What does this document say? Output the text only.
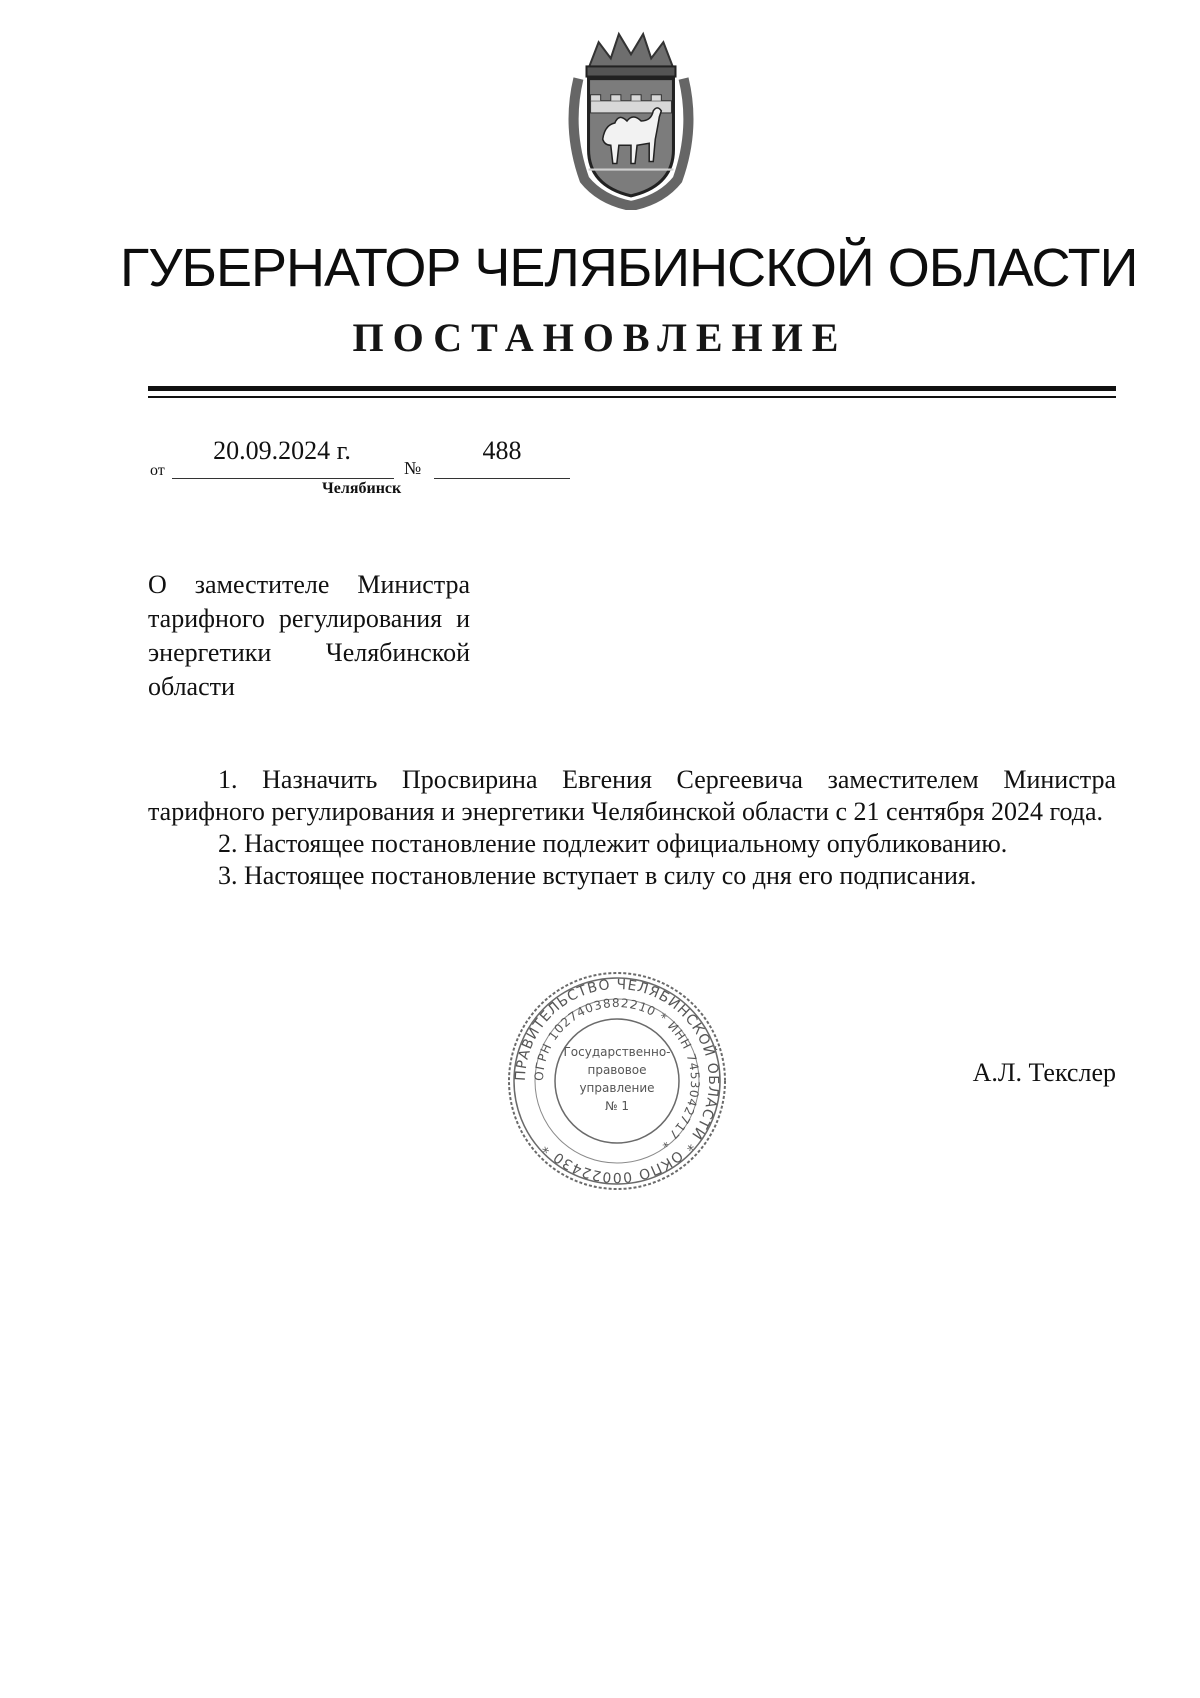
ГУБЕРНАТОР ЧЕЛЯБИНСКОЙ ОБЛАСТИ
ПОСТАНОВЛЕНИЕ
от
20.09.2024 г.
№
488
Челябинск
О заместителе Министра тарифного регулирования и энергетики Челябинской области

1. Назначить Просвирина Евгения Сергеевича заместителем Министра тарифного регулирования и энергетики Челябинской области с 21 сентября 2024 года.

2. Настоящее постановление подлежит официальному опубликованию.

3. Настоящее постановление вступает в силу со дня его подписания.

ПРАВИТЕЛЬСТВО ЧЕЛЯБИНСКОЙ ОБЛАСТИ * ОКПО 00022430 *
ОГРН 1027403882210 * ИНН 7453042717 *
Государственно-
правовое
управление
№ 1
А.Л. Текслер
